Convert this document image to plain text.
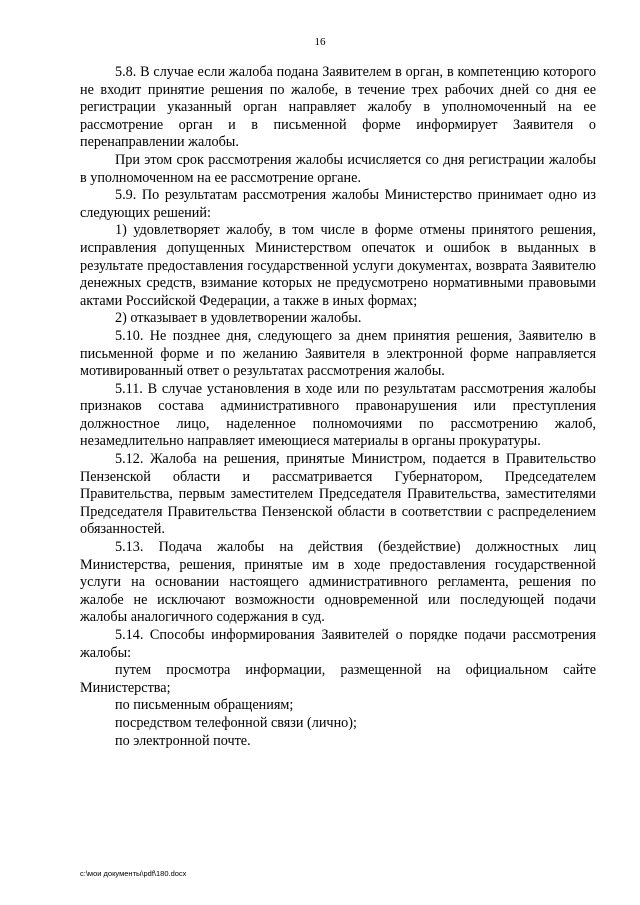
16

5.8. В случае если жалоба подана Заявителем в орган, в компетенцию которого не входит принятие решения по жалобе, в течение трех рабочих дней со дня ее регистрации указанный орган направляет жалобу в уполномоченный на ее рассмотрение орган и в письменной форме информирует Заявителя о перенаправлении жалобы.

При этом срок рассмотрения жалобы исчисляется со дня регистрации жалобы в уполномоченном на ее рассмотрение органе.

5.9. По результатам рассмотрения жалобы Министерство принимает одно из следующих решений:

1) удовлетворяет жалобу, в том числе в форме отмены принятого решения, исправления допущенных Министерством опечаток и ошибок в выданных в результате предоставления государственной услуги документах, возврата Заявителю денежных средств, взимание которых не предусмотрено нормативными правовыми актами Российской Федерации, а также в иных формах;

2) отказывает в удовлетворении жалобы.

5.10. Не позднее дня, следующего за днем принятия решения, Заявителю в письменной форме и по желанию Заявителя в электронной форме направляется мотивированный ответ о результатах рассмотрения жалобы.

5.11. В случае установления в ходе или по результатам рассмотрения жалобы признаков состава административного правонарушения или преступления должностное лицо, наделенное полномочиями по рассмотрению жалоб, незамедлительно направляет имеющиеся материалы в органы прокуратуры.

5.12. Жалоба на решения, принятые Министром, подается в Правительство Пензенской области и рассматривается Губернатором, Председателем Правительства, первым заместителем Председателя Правительства, заместителями Председателя Правительства Пензенской области в соответствии с распределением обязанностей.

5.13. Подача жалобы на действия (бездействие) должностных лиц Министерства, решения, принятые им в ходе предоставления государственной услуги на основании настоящего административного регламента, решения по жалобе не исключают возможности одновременной или последующей подачи жалобы аналогичного содержания в суд.

5.14. Способы информирования Заявителей о порядке подачи рассмотрения жалобы:

путем просмотра информации, размещенной на официальном сайте Министерства;

по письменным обращениям;

посредством телефонной связи (лично);

по электронной почте.

c:\мои документы\pdf\180.docx
